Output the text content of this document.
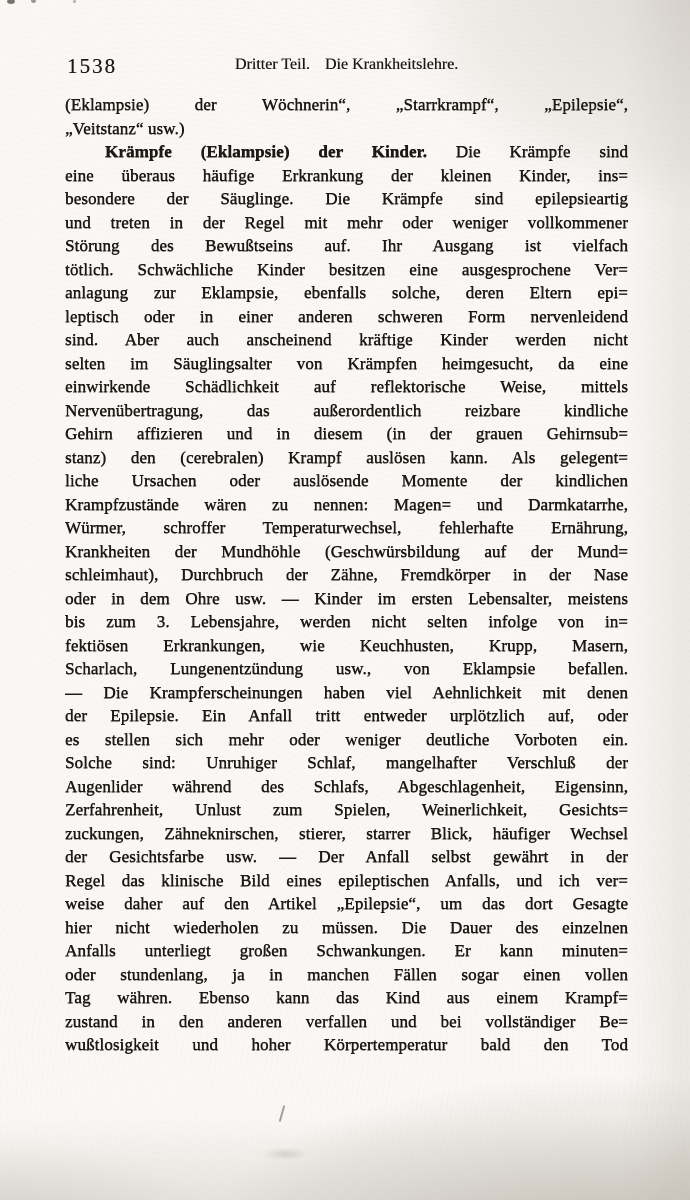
1538	Dritter Teil. Die Krankheitslehre.
(Eklampsie) der Wöchnerin“, „Starrkrampf“, „Epilepsie“,
„Veitstanz“ usw.)
Krämpfe (Eklampsie) der Kinder. Die Krämpfe sind
eine überaus häufige Erkrankung der kleinen Kinder, ins=
besondere der Säuglinge. Die Krämpfe sind epilepsieartig
und treten in der Regel mit mehr oder weniger vollkommener
Störung des Bewußtseins auf. Ihr Ausgang ist vielfach
tötlich. Schwächliche Kinder besitzen eine ausgesprochene Ver=
anlagung zur Eklampsie, ebenfalls solche, deren Eltern epi=
leptisch oder in einer anderen schweren Form nervenleidend
sind. Aber auch anscheinend kräftige Kinder werden nicht
selten im Säuglingsalter von Krämpfen heimgesucht, da eine
einwirkende Schädlichkeit auf reflektorische Weise, mittels
Nervenübertragung, das außerordentlich reizbare kindliche
Gehirn affizieren und in diesem (in der grauen Gehirnsub=
stanz) den (cerebralen) Krampf auslösen kann. Als gelegent=
liche Ursachen oder auslösende Momente der kindlichen
Krampfzustände wären zu nennen: Magen= und Darmkatarrhe,
Würmer, schroffer Temperaturwechsel, fehlerhafte Ernährung,
Krankheiten der Mundhöhle (Geschwürsbildung auf der Mund=
schleimhaut), Durchbruch der Zähne, Fremdkörper in der Nase
oder in dem Ohre usw. — Kinder im ersten Lebensalter, meistens
bis zum 3. Lebensjahre, werden nicht selten infolge von in=
fektiösen Erkrankungen, wie Keuchhusten, Krupp, Masern,
Scharlach, Lungenentzündung usw., von Eklampsie befallen.
— Die Krampferscheinungen haben viel Aehnlichkeit mit denen
der Epilepsie. Ein Anfall tritt entweder urplötzlich auf, oder
es stellen sich mehr oder weniger deutliche Vorboten ein.
Solche sind: Unruhiger Schlaf, mangelhafter Verschluß der
Augenlider während des Schlafs, Abgeschlagenheit, Eigensinn,
Zerfahrenheit, Unlust zum Spielen, Weinerlichkeit, Gesichts=
zuckungen, Zähneknirschen, stierer, starrer Blick, häufiger Wechsel
der Gesichtsfarbe usw. — Der Anfall selbst gewährt in der
Regel das klinische Bild eines epileptischen Anfalls, und ich ver=
weise daher auf den Artikel „Epilepsie“, um das dort Gesagte
hier nicht wiederholen zu müssen. Die Dauer des einzelnen
Anfalls unterliegt großen Schwankungen. Er kann minuten=
oder stundenlang, ja in manchen Fällen sogar einen vollen
Tag währen. Ebenso kann das Kind aus einem Krampf=
zustand in den anderen verfallen und bei vollständiger Be=
wußtlosigkeit und hoher Körpertemperatur bald den Tod
